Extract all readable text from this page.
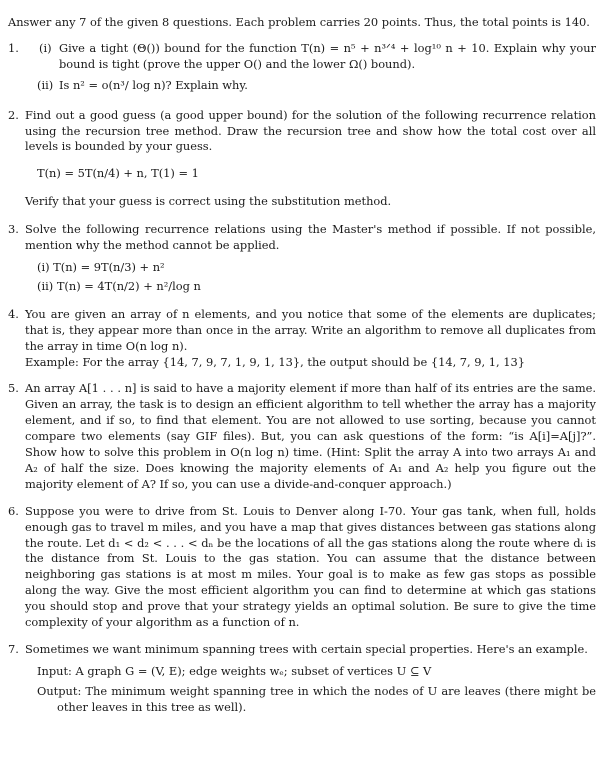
Answer any 7 of the given 8 questions. Each problem carries 20 points. Thus, the total points is 140.

1. (i) Give a tight (Θ()) bound for the function T(n) = n⁵ + n³ᐟ⁴ + log¹⁰ n + 10. Explain why your bound is tight (prove the upper O() and the lower Ω() bound).
(ii) Is n² = o(n³/ log n)? Explain why.
2. Find out a good guess (a good upper bound) for the solution of the following recurrence relation using the recursion tree method. Draw the recursion tree and show how the total cost over all levels is bounded by your guess.

T(n) = 5T(n/4) + n, T(1) = 1

Verify that your guess is correct using the substitution method.

3. Solve the following recurrence relations using the Master's method if possible. If not possible, mention why the method cannot be applied.

(i) T(n) = 9T(n/3) + n²

(ii) T(n) = 4T(n/2) + n²/log n

4. You are given an array of n elements, and you notice that some of the elements are duplicates; that is, they appear more than once in the array. Write an algorithm to remove all duplicates from the array in time O(n log n).

Example: For the array {14, 7, 9, 7, 1, 9, 1, 13}, the output should be {14, 7, 9, 1, 13}

5. An array A[1 . . . n] is said to have a majority element if more than half of its entries are the same. Given an array, the task is to design an efficient algorithm to tell whether the array has a majority element, and if so, to find that element. You are not allowed to use sorting, because you cannot compare two elements (say GIF files). But, you can ask questions of the form: “is A[i]=A[j]?”. Show how to solve this problem in O(n log n) time. (Hint: Split the array A into two arrays A₁ and A₂ of half the size. Does knowing the majority elements of A₁ and A₂ help you figure out the majority element of A? If so, you can use a divide-and-conquer approach.)

6. Suppose you were to drive from St. Louis to Denver along I-70. Your gas tank, when full, holds enough gas to travel m miles, and you have a map that gives distances between gas stations along the route. Let d₁ < d₂ < . . . < dₙ be the locations of all the gas stations along the route where dᵢ is the distance from St. Louis to the gas station. You can assume that the distance between neighboring gas stations is at most m miles. Your goal is to make as few gas stops as possible along the way. Give the most efficient algorithm you can find to determine at which gas stations you should stop and prove that your strategy yields an optimal solution. Be sure to give the time complexity of your algorithm as a function of n.

7. Sometimes we want minimum spanning trees with certain special properties. Here's an example.

Input: A graph G = (V, E); edge weights wₑ; subset of vertices U ⊆ V

Output: The minimum weight spanning tree in which the nodes of U are leaves (there might be other leaves in this tree as well).
